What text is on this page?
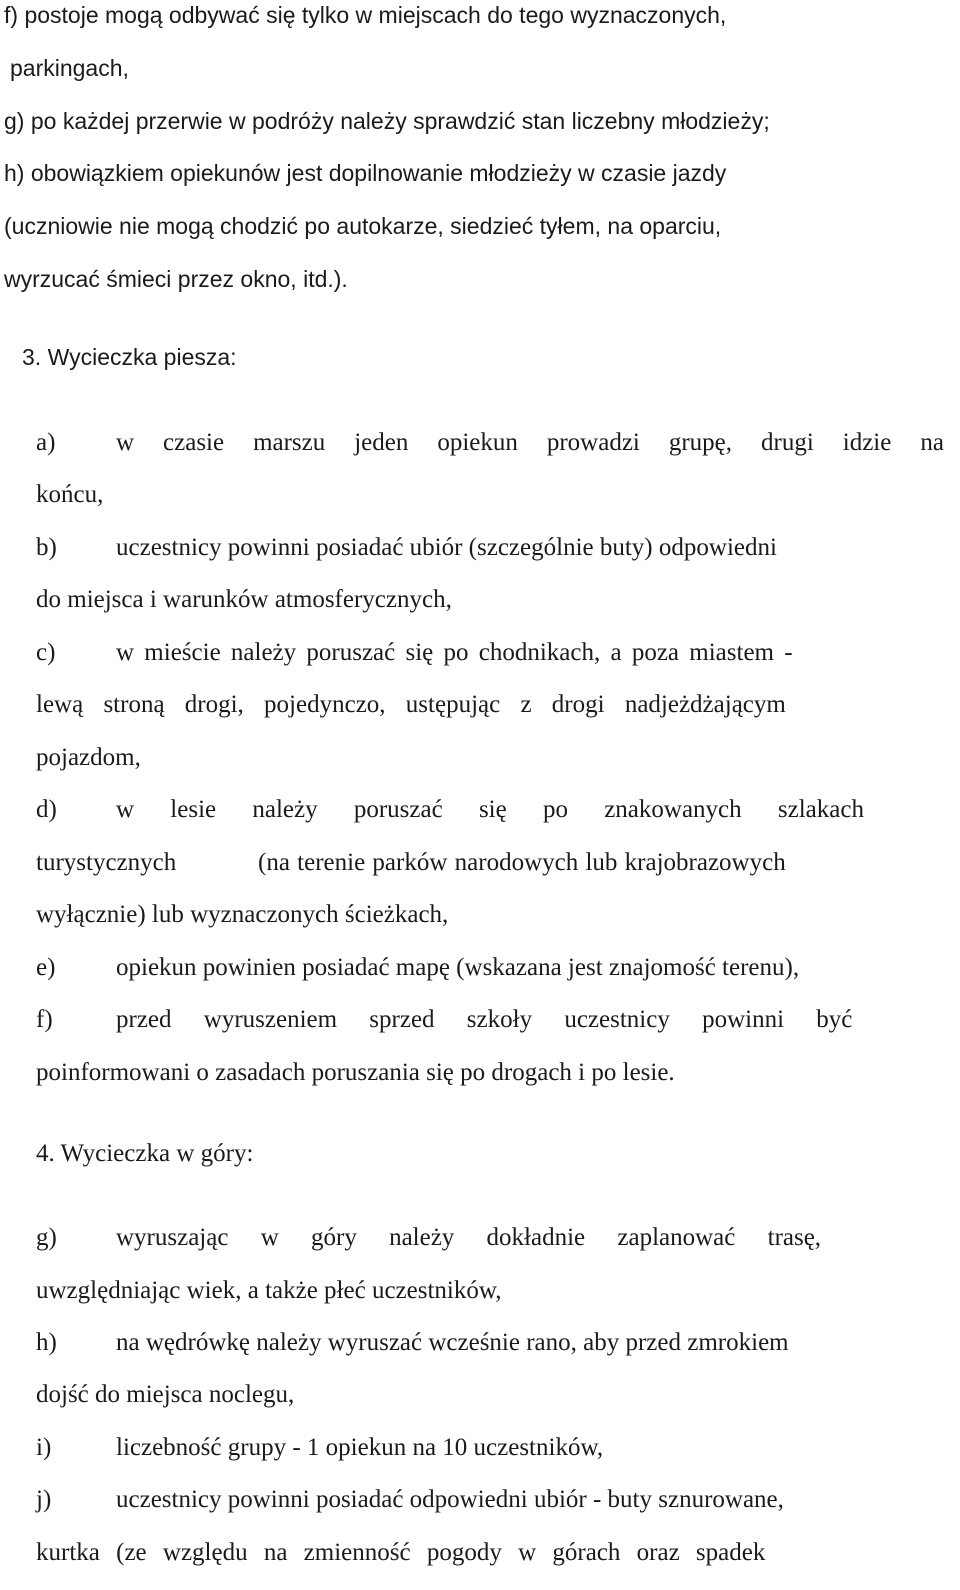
f) postoje mogą odbywać się tylko w miejscach do tego wyznaczonych,
parkingach,
g) po każdej przerwie w podróży należy sprawdzić stan liczebny młodzieży;
h) obowiązkiem opiekunów jest dopilnowanie młodzieży w czasie jazdy
(uczniowie nie mogą chodzić po autokarze, siedzieć tyłem, na oparciu,
wyrzucać śmieci przez okno, itd.).
3. Wycieczka piesza:
a) w czasie marszu jeden opiekun prowadzi grupę, drugi idzie na
końcu,
b) uczestnicy powinni posiadać ubiór (szczególnie buty) odpowiedni
do miejsca i warunków atmosferycznych,
c) w mieście należy poruszać się po chodnikach, a poza miastem -
lewą stroną drogi, pojedynczo, ustępując z drogi nadjeżdżającym
pojazdom,
d) w lesie należy poruszać się po znakowanych szlakach
turystycznych	(na terenie parków narodowych lub krajobrazowych
wyłącznie) lub wyznaczonych ścieżkach,
e) opiekun powinien posiadać mapę (wskazana jest znajomość terenu),
f)	przed wyruszeniem sprzed szkoły uczestnicy powinni być
poinformowani o zasadach poruszania się po drogach i po lesie.
4. Wycieczka w góry:
g) wyruszając w góry należy dokładnie zaplanować trasę,
uwzględniając wiek, a także płeć uczestników,
h) na wędrówkę należy wyruszać wcześnie rano, aby przed zmrokiem
dojść do miejsca noclegu,
i)	liczebność grupy - 1 opiekun na 10 uczestników,
j)	uczestnicy powinni posiadać odpowiedni ubiór - buty sznurowane,
kurtka (ze względu na zmienność pogody w górach oraz spadek
